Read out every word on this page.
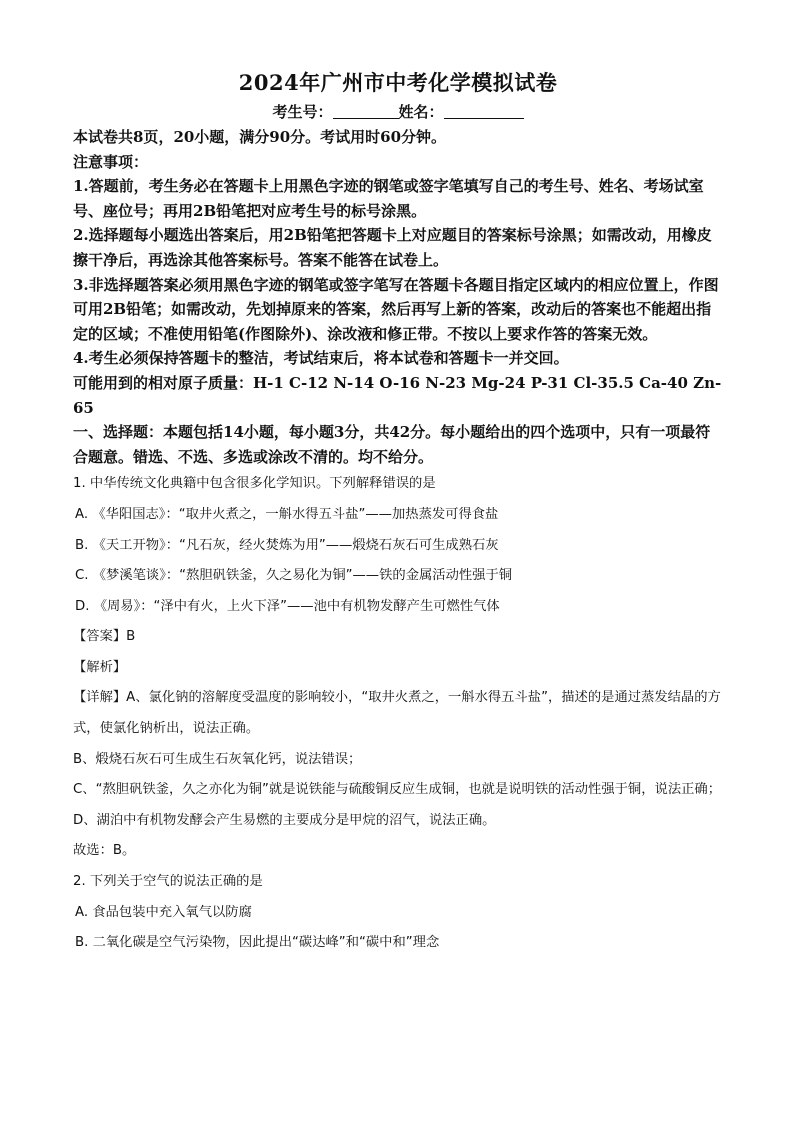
2024年广州市中考化学模拟试卷

考生号：	姓名：

本试卷共8页，20小题，满分90分。考试用时60分钟。

注意事项：

1.答题前，考生务必在答题卡上用黑色字迹的钢笔或签字笔填写自己的考生号、姓名、考场试室号、座位号；再用2B铅笔把对应考生号的标号涂黑。

2.选择题每小题选出答案后，用2B铅笔把答题卡上对应题目的答案标号涂黑；如需改动，用橡皮擦干净后，再选涂其他答案标号。答案不能答在试卷上。

3.非选择题答案必须用黑色字迹的钢笔或签字笔写在答题卡各题目指定区域内的相应位置上，作图可用2B铅笔；如需改动，先划掉原来的答案，然后再写上新的答案，改动后的答案也不能超出指定的区域；不准使用铅笔(作图除外)、涂改液和修正带。不按以上要求作答的答案无效。

4.考生必须保持答题卡的整洁，考试结束后，将本试卷和答题卡一并交回。

可能用到的相对原子质量：H-1 C-12 N-14 O-16 N-23 Mg-24 P-31 Cl-35.5 Ca-40 Zn-65

一、选择题：本题包括14小题，每小题3分，共42分。每小题给出的四个选项中，只有一项最符合题意。错选、不选、多选或涂改不清的。均不给分。

1. 中华传统文化典籍中包含很多化学知识。下列解释错误的是

A. 《华阳国志》：“取井火煮之，一斛水得五斗盐”——加热蒸发可得食盐

B. 《天工开物》：“凡石灰，经火焚炼为用”——煅烧石灰石可生成熟石灰

C. 《梦溪笔谈》：“熬胆矾铁釜，久之易化为铜”——铁的金属活动性强于铜

D. 《周易》：“泽中有火，上火下泽”——池中有机物发酵产生可燃性气体

【答案】B

【解析】

【详解】A、氯化钠的溶解度受温度的影响较小，“取井火煮之，一斛水得五斗盐”，描述的是通过蒸发结晶的方式，使氯化钠析出，说法正确。

B、煅烧石灰石可生成生石灰氧化钙，说法错误；

C、“熬胆矾铁釜，久之亦化为铜”就是说铁能与硫酸铜反应生成铜，也就是说明铁的活动性强于铜，说法正确；

D、湖泊中有机物发酵会产生易燃的主要成分是甲烷的沼气，说法正确。

故选：B。

2. 下列关于空气的说法正确的是

A. 食品包装中充入氧气以防腐

B. 二氧化碳是空气污染物，因此提出“碳达峰”和“碳中和”理念
